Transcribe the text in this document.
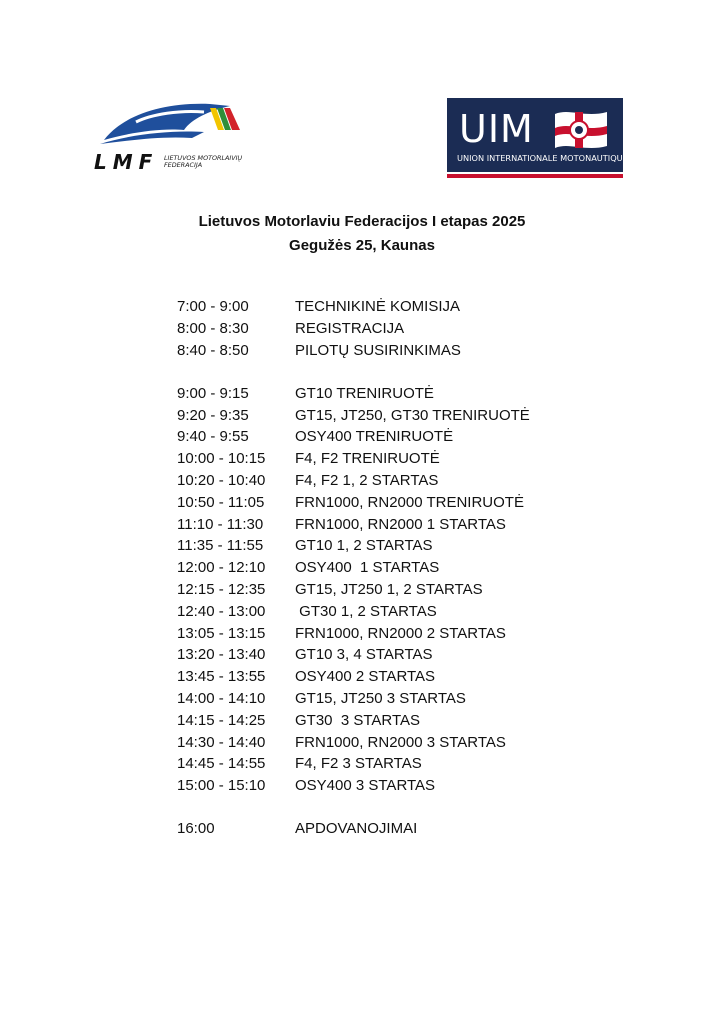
LMF LIETUVOS MOTORLAIVIŲ
FEDERACIJA
UIM
UNION INTERNATIONALE MOTONAUTIQUE
Lietuvos Motorlaviu Federacijos I etapas 2025
Gegužės 25, Kaunas
7:00 - 9:00	TECHNIKINĖ KOMISIJA
8:00 - 8:30	REGISTRACIJA
8:40 - 8:50	PILOTŲ SUSIRINKIMAS
9:00 - 9:15	GT10 TRENIRUOTĖ
9:20 - 9:35	GT15, JT250, GT30 TRENIRUOTĖ
9:40 - 9:55	OSY400 TRENIRUOTĖ
10:00 - 10:15 F4, F2 TRENIRUOTĖ
10:20 - 10:40 F4, F2 1, 2 STARTAS
10:50 - 11:05 FRN1000, RN2000 TRENIRUOTĖ
11:10 - 11:30 FRN1000, RN2000 1 STARTAS
11:35 - 11:55 GT10 1, 2 STARTAS
12:00 - 12:10 OSY400  1 STARTAS
12:15 - 12:35 GT15, JT250 1, 2 STARTAS
12:40 - 13:00 GT30 1, 2 STARTAS
13:05 - 13:15 FRN1000, RN2000 2 STARTAS
13:20 - 13:40 GT10 3, 4 STARTAS
13:45 - 13:55 OSY400 2 STARTAS
14:00 - 14:10 GT15, JT250 3 STARTAS
14:15 - 14:25 GT30  3 STARTAS
14:30 - 14:40 FRN1000, RN2000 3 STARTAS
14:45 - 14:55 F4, F2 3 STARTAS
15:00 - 15:10 OSY400 3 STARTAS
16:00	APDOVANOJIMAI
